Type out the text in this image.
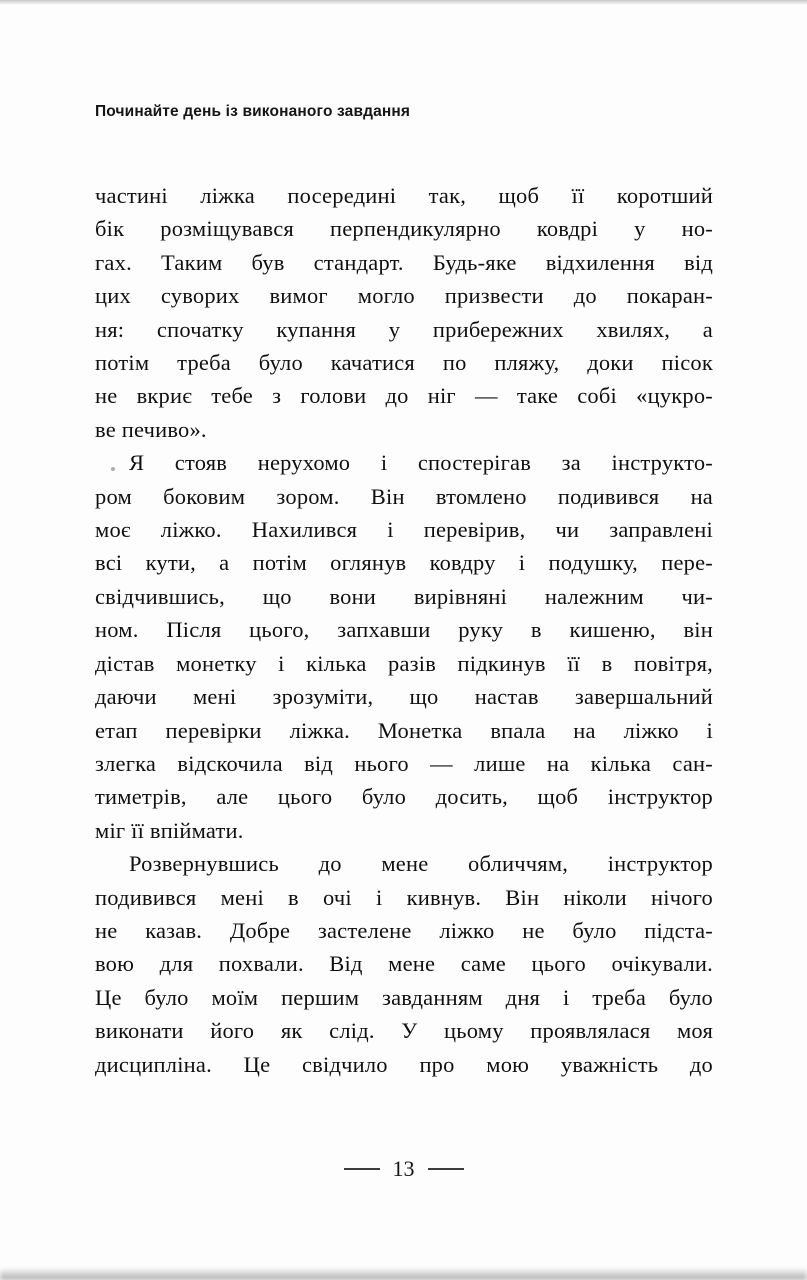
Починайте день із виконаного завдання
частині ліжка посередині так, щоб її коротший
бік розміщувався перпендикулярно ковдрі у но-
гах. Таким був стандарт. Будь-яке відхилення від
цих суворих вимог могло призвести до покаран-
ня: спочатку купання у прибережних хвилях, а
потім треба було качатися по пляжу, доки пісок
не вкриє тебе з голови до ніг — таке собі «цукро-
ве печиво».
Я стояв нерухомо і спостерігав за інструкто-
ром боковим зором. Він втомлено подивився на
моє ліжко. Нахилився і перевірив, чи заправлені
всі кути, а потім оглянув ковдру і подушку, пере-
свідчившись, що вони вирівняні належним чи-
ном. Після цього, запхавши руку в кишеню, він
дістав монетку і кілька разів підкинув її в повітря,
даючи мені зрозуміти, що настав завершальний
етап перевірки ліжка. Монетка впала на ліжко і
злегка відскочила від нього — лише на кілька сан-
тиметрів, але цього було досить, щоб інструктор
міг її впіймати.
Розвернувшись до мене обличчям, інструктор
подивився мені в очі і кивнув. Він ніколи нічого
не казав. Добре застелене ліжко не було підста-
вою для похвали. Від мене саме цього очікували.
Це було моїм першим завданням дня і треба було
виконати його як слід. У цьому проявлялася моя
дисципліна. Це свідчило про мою уважність до
13
